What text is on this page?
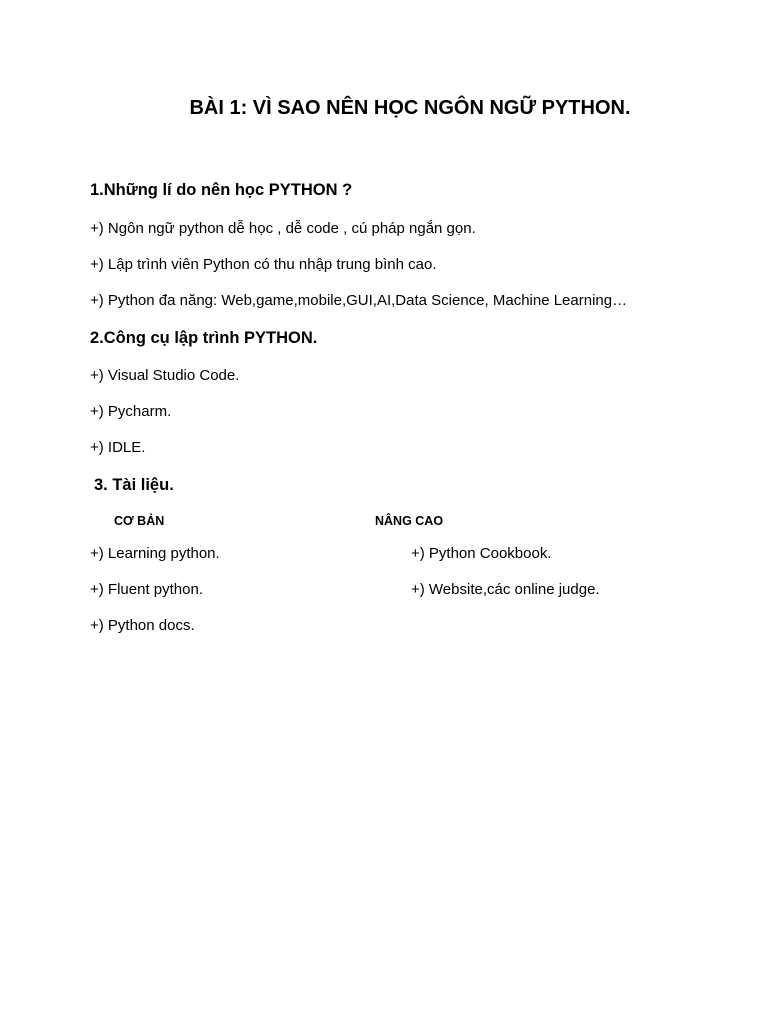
BÀI 1: VÌ SAO NÊN HỌC NGÔN NGỮ PYTHON.
1.Những lí do nên học PYTHON ?
+) Ngôn ngữ python dễ học , dễ code , cú pháp ngắn gọn.
+) Lập trình viên Python có thu nhập trung bình cao.
+) Python đa năng: Web,game,mobile,GUI,AI,Data Science, Machine Learning…
2.Công cụ lập trình PYTHON.
+) Visual Studio Code.
+) Pycharm.
+) IDLE.
3. Tài liệu.
CƠ BẢN	NÂNG CAO
+) Learning python.
+) Fluent python.
+) Python docs.
+) Python Cookbook.
+) Website,các online judge.
